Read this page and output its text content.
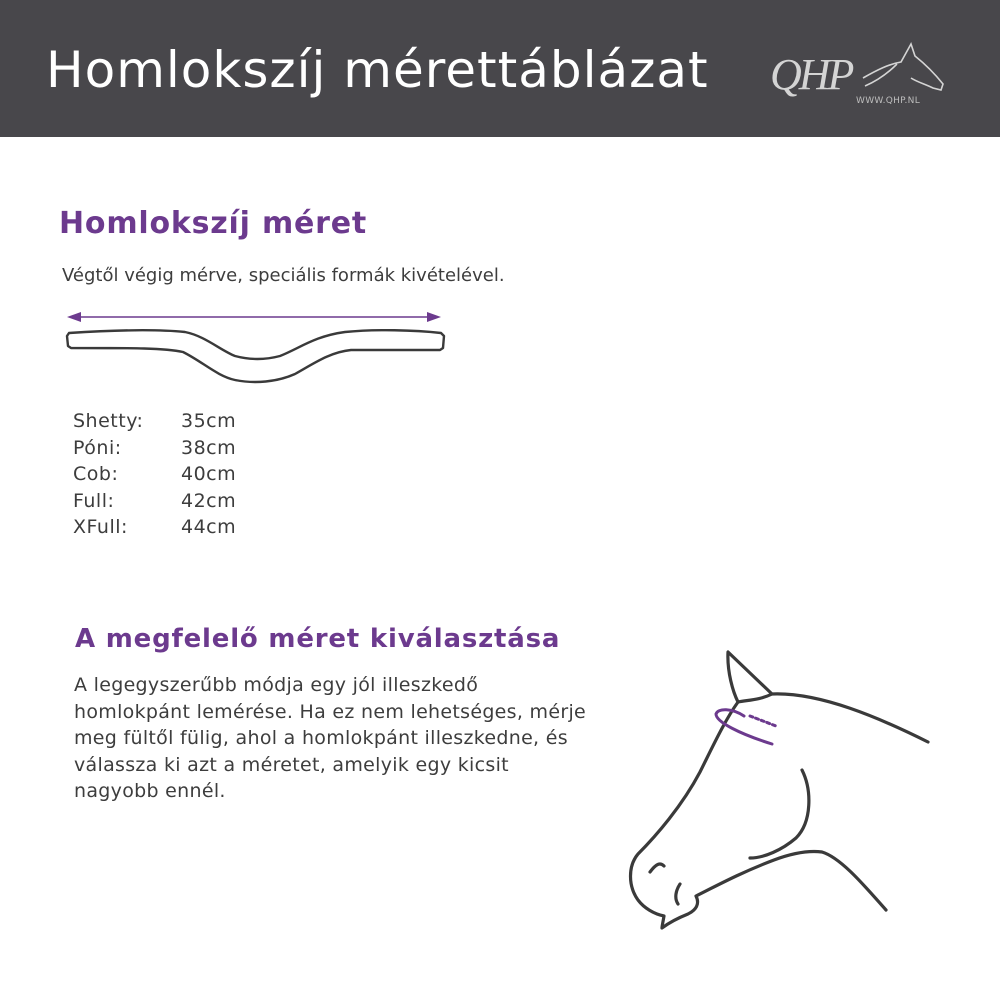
Homlokszíj mérettáblázat QHP
WWW.QHP.NL
Homlokszíj méret
Végtől végig mérve, speciális formák kivételével.
Shetty:	35cm
Póni:	38cm
Cob:	40cm
Full:	42cm
XFull:	44cm
A megfelelő méret kiválasztása
A legegyszerűbb módja egy jól illeszkedő homlokpánt lemérése. Ha ez nem lehetséges, mérje meg fültől fülig, ahol a homlokpánt illeszkedne, és válassza ki azt a méretet, amelyik egy kicsit nagyobb ennél.
